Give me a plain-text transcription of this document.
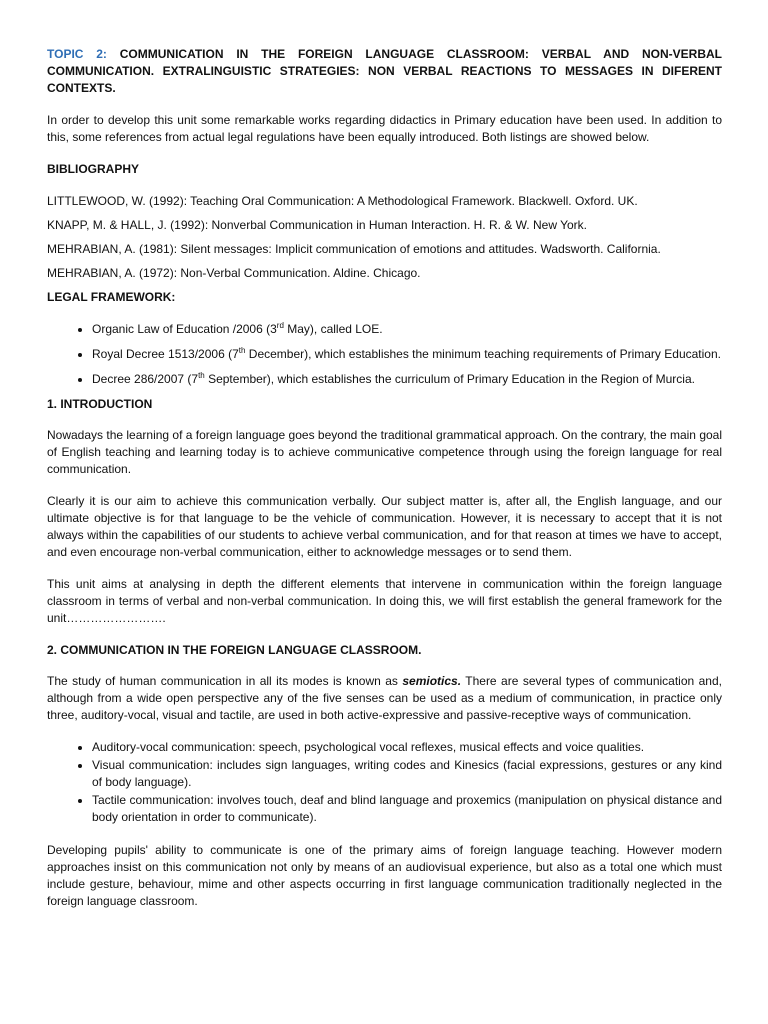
TOPIC 2: COMMUNICATION IN THE FOREIGN LANGUAGE CLASSROOM: VERBAL AND NON-VERBAL COMMUNICATION. EXTRALINGUISTIC STRATEGIES: NON VERBAL REACTIONS TO MESSAGES IN DIFERENT CONTEXTS.

In order to develop this unit some remarkable works regarding didactics in Primary education have been used. In addition to this, some references from actual legal regulations have been equally introduced. Both listings are showed below.

BIBLIOGRAPHY

LITTLEWOOD, W. (1992): Teaching Oral Communication: A Methodological Framework. Blackwell. Oxford. UK.

KNAPP, M. & HALL, J. (1992): Nonverbal Communication in Human Interaction. H. R. & W. New York.

MEHRABIAN, A. (1981): Silent messages: Implicit communication of emotions and attitudes. Wadsworth. California.

MEHRABIAN, A. (1972): Non-Verbal Communication. Aldine. Chicago.

LEGAL FRAMEWORK:

• Organic Law of Education /2006 (3rd May), called LOE.
• Royal Decree 1513/2006 (7th December), which establishes the minimum teaching requirements of Primary Education.
• Decree 286/2007 (7th September), which establishes the curriculum of Primary Education in the Region of Murcia.

1. INTRODUCTION

Nowadays the learning of a foreign language goes beyond the traditional grammatical approach. On the contrary, the main goal of English teaching and learning today is to achieve communicative competence through using the foreign language for real communication.

Clearly it is our aim to achieve this communication verbally. Our subject matter is, after all, the English language, and our ultimate objective is for that language to be the vehicle of communication. However, it is necessary to accept that it is not always within the capabilities of our students to achieve verbal communication, and for that reason at times we have to accept, and even encourage non-verbal communication, either to acknowledge messages or to send them.

This unit aims at analysing in depth the different elements that intervene in communication within the foreign language classroom in terms of verbal and non-verbal communication. In doing this, we will first establish the general framework for the unit…………………….

2. COMMUNICATION IN THE FOREIGN LANGUAGE CLASSROOM.

The study of human communication in all its modes is known as semiotics. There are several types of communication and, although from a wide open perspective any of the five senses can be used as a medium of communication, in practice only three, auditory-vocal, visual and tactile, are used in both active-expressive and passive-receptive ways of communication.

• Auditory-vocal communication: speech, psychological vocal reflexes, musical effects and voice qualities.
• Visual communication: includes sign languages, writing codes and Kinesics (facial expressions, gestures or any kind of body language).
• Tactile communication: involves touch, deaf and blind language and proxemics (manipulation on physical distance and body orientation in order to communicate).

Developing pupils' ability to communicate is one of the primary aims of foreign language teaching. However modern approaches insist on this communication not only by means of an audiovisual experience, but also as a total one which must include gesture, behaviour, mime and other aspects occurring in first language communication traditionally neglected in the foreign language classroom.
